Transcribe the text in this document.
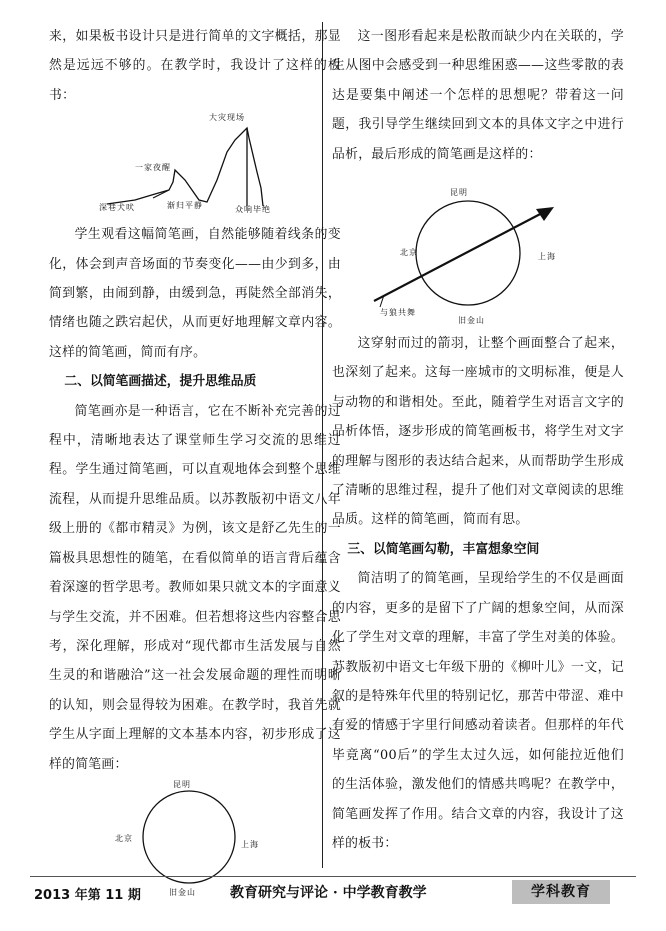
来，如果板书设计只是进行简单的文字概括，那显然是远远不够的。在教学时，我设计了这样的板书：

大灾现场
一家夜醒
深巷犬吠	渐归平静	众响毕绝

学生观看这幅简笔画，自然能够随着线条的变化，体会到声音场面的节奏变化——由少到多，由简到繁，由闹到静，由缓到急，再陡然全部消失，情绪也随之跌宕起伏，从而更好地理解文章内容。这样的简笔画，简而有序。

二、以简笔画描述，提升思维品质

简笔画亦是一种语言，它在不断补充完善的过程中，清晰地表达了课堂师生学习交流的思维过程。学生通过简笔画，可以直观地体会到整个思维流程，从而提升思维品质。以苏教版初中语文八年级上册的《都市精灵》为例，该文是舒乙先生的一篇极具思想性的随笔，在看似简单的语言背后蕴含着深邃的哲学思考。教师如果只就文本的字面意义与学生交流，并不困难。但若想将这些内容整合思考，深化理解，形成对“现代都市生活发展与自然生灵的和谐融洽”这一社会发展命题的理性而明晰的认知，则会显得较为困难。在教学时，我首先就学生从字面上理解的文本基本内容，初步形成了这样的简笔画：

昆明
北京
上海
旧金山

这一图形看起来是松散而缺少内在关联的，学生从图中会感受到一种思维困惑——这些零散的表达是要集中阐述一个怎样的思想呢？带着这一问题，我引导学生继续回到文本的具体文字之中进行品析，最后形成的简笔画是这样的：

昆明
北京	上海
与狼共舞
旧金山

这穿射而过的箭羽，让整个画面整合了起来，也深刻了起来。这每一座城市的文明标准，便是人与动物的和谐相处。至此，随着学生对语言文字的品析体悟，逐步形成的简笔画板书，将学生对文字的理解与图形的表达结合起来，从而帮助学生形成了清晰的思维过程，提升了他们对文章阅读的思维品质。这样的简笔画，简而有思。

三、以简笔画勾勒，丰富想象空间

简洁明了的简笔画，呈现给学生的不仅是画面的内容，更多的是留下了广阔的想象空间，从而深化了学生对文章的理解，丰富了学生对美的体验。苏教版初中语文七年级下册的《柳叶儿》一文，记叙的是特殊年代里的特别记忆，那苦中带涩、难中有爱的情感于字里行间感动着读者。但那样的年代毕竟离“00后”的学生太过久远，如何能拉近他们的生活体验，激发他们的情感共鸣呢？在教学中，简笔画发挥了作用。结合文章的内容，我设计了这样的板书：

2013 年第 11 期	教育研究与评论 · 中学教育教学	学科教育
